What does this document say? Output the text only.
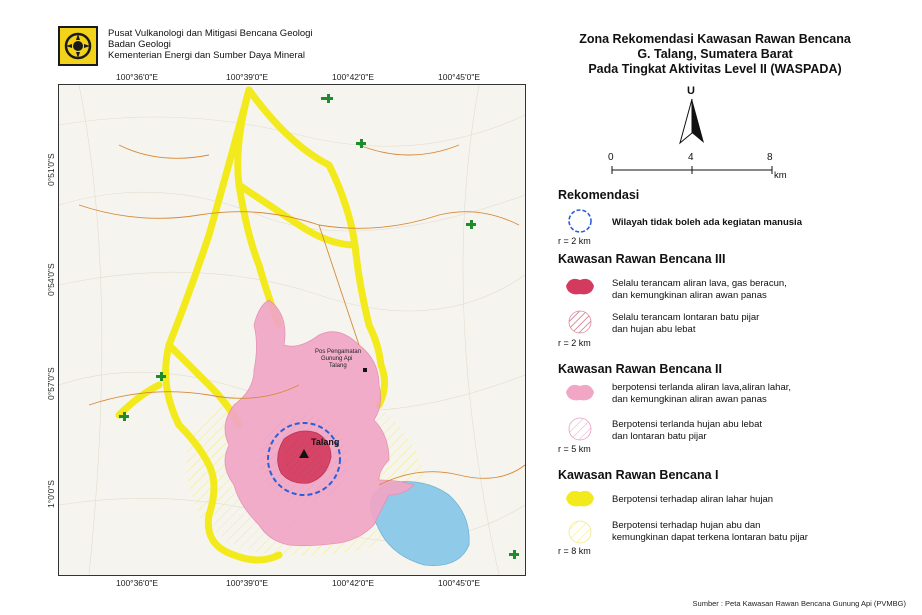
Pusat Vulkanologi dan Mitigasi Bencana Geologi
Badan Geologi
Kementerian Energi dan Sumber Daya Mineral
100°36'0"E	100°39'0"E	100°42'0"E	100°45'0"E
100°36'0"E	100°39'0"E	100°42'0"E	100°45'0"E
0°51'0"S
0°54'0"S
0°57'0"S
1°0'0"S
Talang
Pos Pengamatan Gunung Api Talang
Zona Rekomendasi Kawasan Rawan Bencana
G. Talang, Sumatera Barat
Pada Tingkat Aktivitas Level II (WASPADA)
U
0	4	8
km
Rekomendasi
Wilayah tidak boleh ada kegiatan manusia
r = 2 km
Kawasan Rawan Bencana III
Selalu terancam aliran lava, gas beracun,
dan kemungkinan aliran awan panas
Selalu terancam lontaran batu pijar
dan hujan abu lebat
r = 2 km
Kawasan Rawan Bencana II
berpotensi terlanda aliran lava,aliran lahar,
dan kemungkinan aliran awan panas
Berpotensi terlanda hujan abu lebat
dan lontaran batu pijar
r = 5 km
Kawasan Rawan Bencana I
Berpotensi terhadap aliran lahar hujan
Berpotensi terhadap hujan abu dan
kemungkinan dapat terkena lontaran batu pijar
r = 8 km
Sumber : Peta Kawasan Rawan Bencana Gunung Api (PVMBG)
